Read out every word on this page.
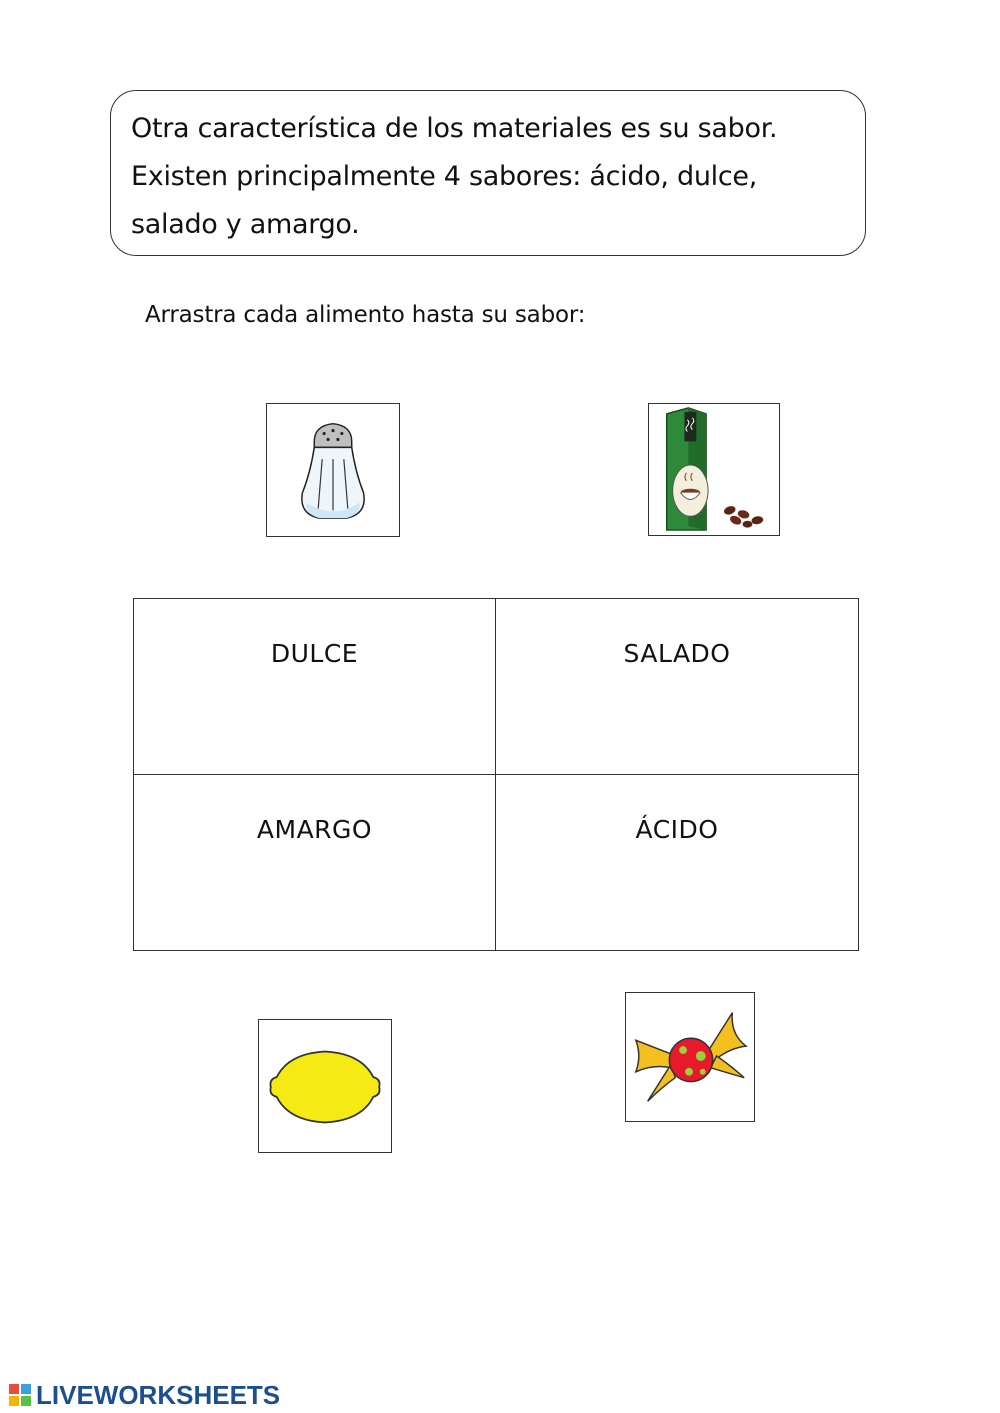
Otra característica de los materiales es su sabor.
Existen principalmente 4 sabores: ácido, dulce,
salado y amargo.
Arrastra cada alimento hasta su sabor:
DULCE	SALADO
AMARGO	ÁCIDO
LIVEWORKSHEETS
